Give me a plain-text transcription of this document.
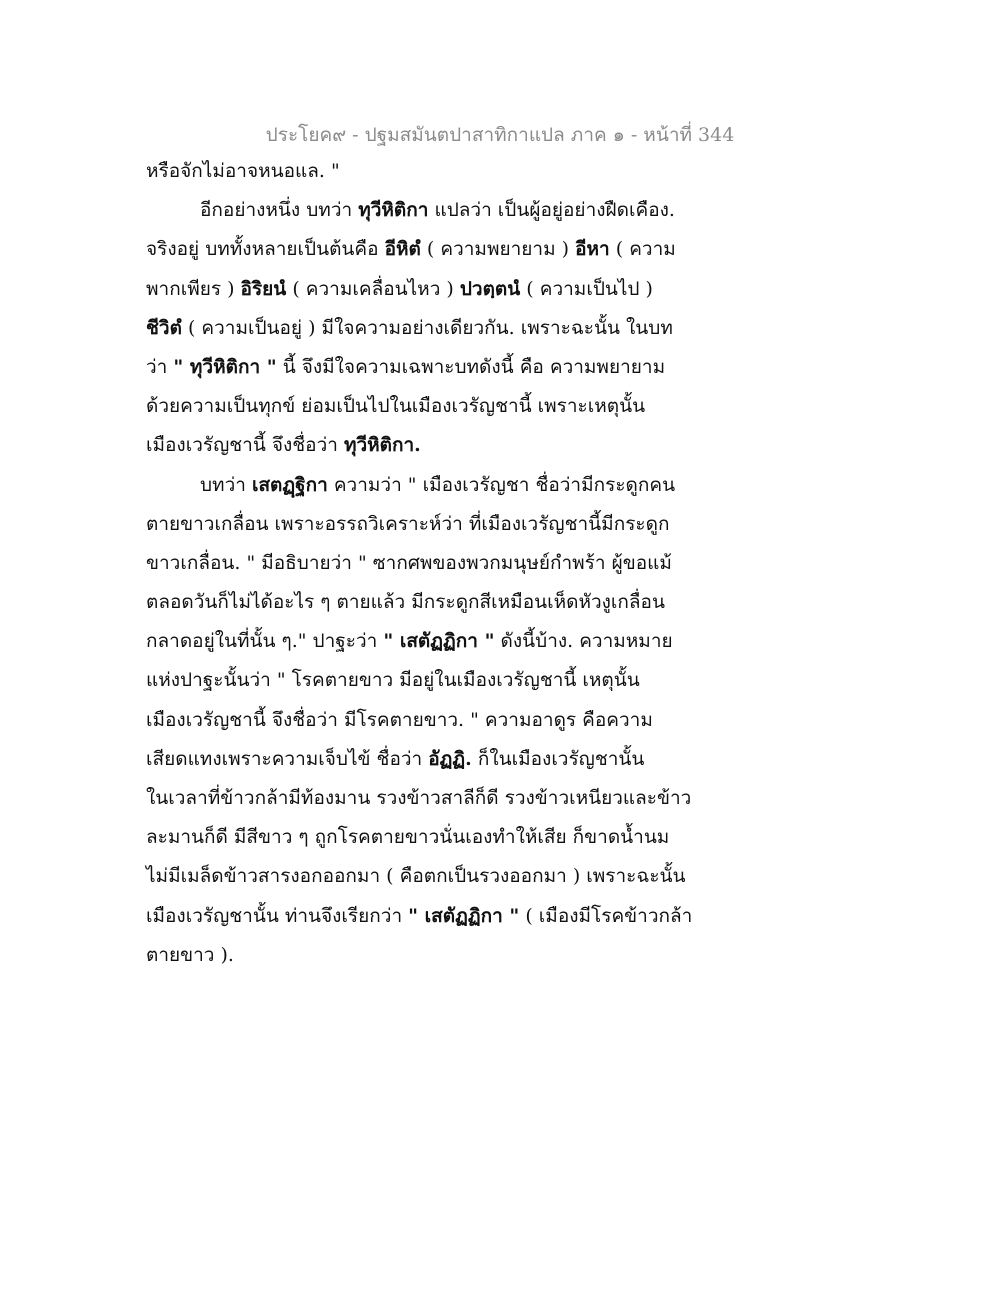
ประโยค๙ - ปฐมสมันตปาสาทิกาแปล ภาค ๑ - หน้าที่ 344
หรือจักไม่อาจหนอแล. "
อีกอย่างหนึ่ง บทว่า ทุวีหิติกา แปลว่า เป็นผู้อยู่อย่างฝืดเคือง.
จริงอยู่ บททั้งหลายเป็นต้นคือ อีหิตํ ( ความพยายาม ) อีหา ( ความ
พากเพียร ) อิริยนํ ( ความเคลื่อนไหว ) ปวตฺตนํ ( ความเป็นไป )
ชีวิตํ ( ความเป็นอยู่ ) มีใจความอย่างเดียวกัน. เพราะฉะนั้น ในบท
ว่า " ทุวีหิติกา " นี้ จึงมีใจความเฉพาะบทดังนี้ คือ ความพยายาม
ด้วยความเป็นทุกข์ ย่อมเป็นไปในเมืองเวรัญชานี้ เพราะเหตุนั้น
เมืองเวรัญชานี้ จึงชื่อว่า ทุวีหิติกา.
บทว่า เสตฏฺฐิกา ความว่า " เมืองเวรัญชา ชื่อว่ามีกระดูกคน
ตายขาวเกลื่อน เพราะอรรถวิเคราะห์ว่า ที่เมืองเวรัญชานี้มีกระดูก
ขาวเกลื่อน. " มีอธิบายว่า " ซากศพของพวกมนุษย์กำพร้า ผู้ขอแม้
ตลอดวันก็ไม่ได้อะไร ๆ ตายแล้ว มีกระดูกสีเหมือนเห็ดหัวงูเกลื่อน
กลาดอยู่ในที่นั้น ๆ." ปาฐะว่า " เสตัฏฏิกา " ดังนี้บ้าง. ความหมาย
แห่งปาฐะนั้นว่า " โรคตายขาว มีอยู่ในเมืองเวรัญชานี้ เหตุนั้น
เมืองเวรัญชานี้ จึงชื่อว่า มีโรคตายขาว. " ความอาดูร คือความ
เสียดแทงเพราะความเจ็บไข้ ชื่อว่า อัฏฏิ. ก็ในเมืองเวรัญชานั้น
ในเวลาที่ข้าวกล้ามีท้องมาน รวงข้าวสาลีก็ดี รวงข้าวเหนียวและข้าว
ละมานก็ดี มีสีขาว ๆ ถูกโรคตายขาวนั่นเองทำให้เสีย ก็ขาดน้ำนม
ไม่มีเมล็ดข้าวสารงอกออกมา ( คือตกเป็นรวงออกมา ) เพราะฉะนั้น
เมืองเวรัญชานั้น ท่านจึงเรียกว่า " เสตัฏฏิกา " ( เมืองมีโรคข้าวกล้า
ตายขาว ).
